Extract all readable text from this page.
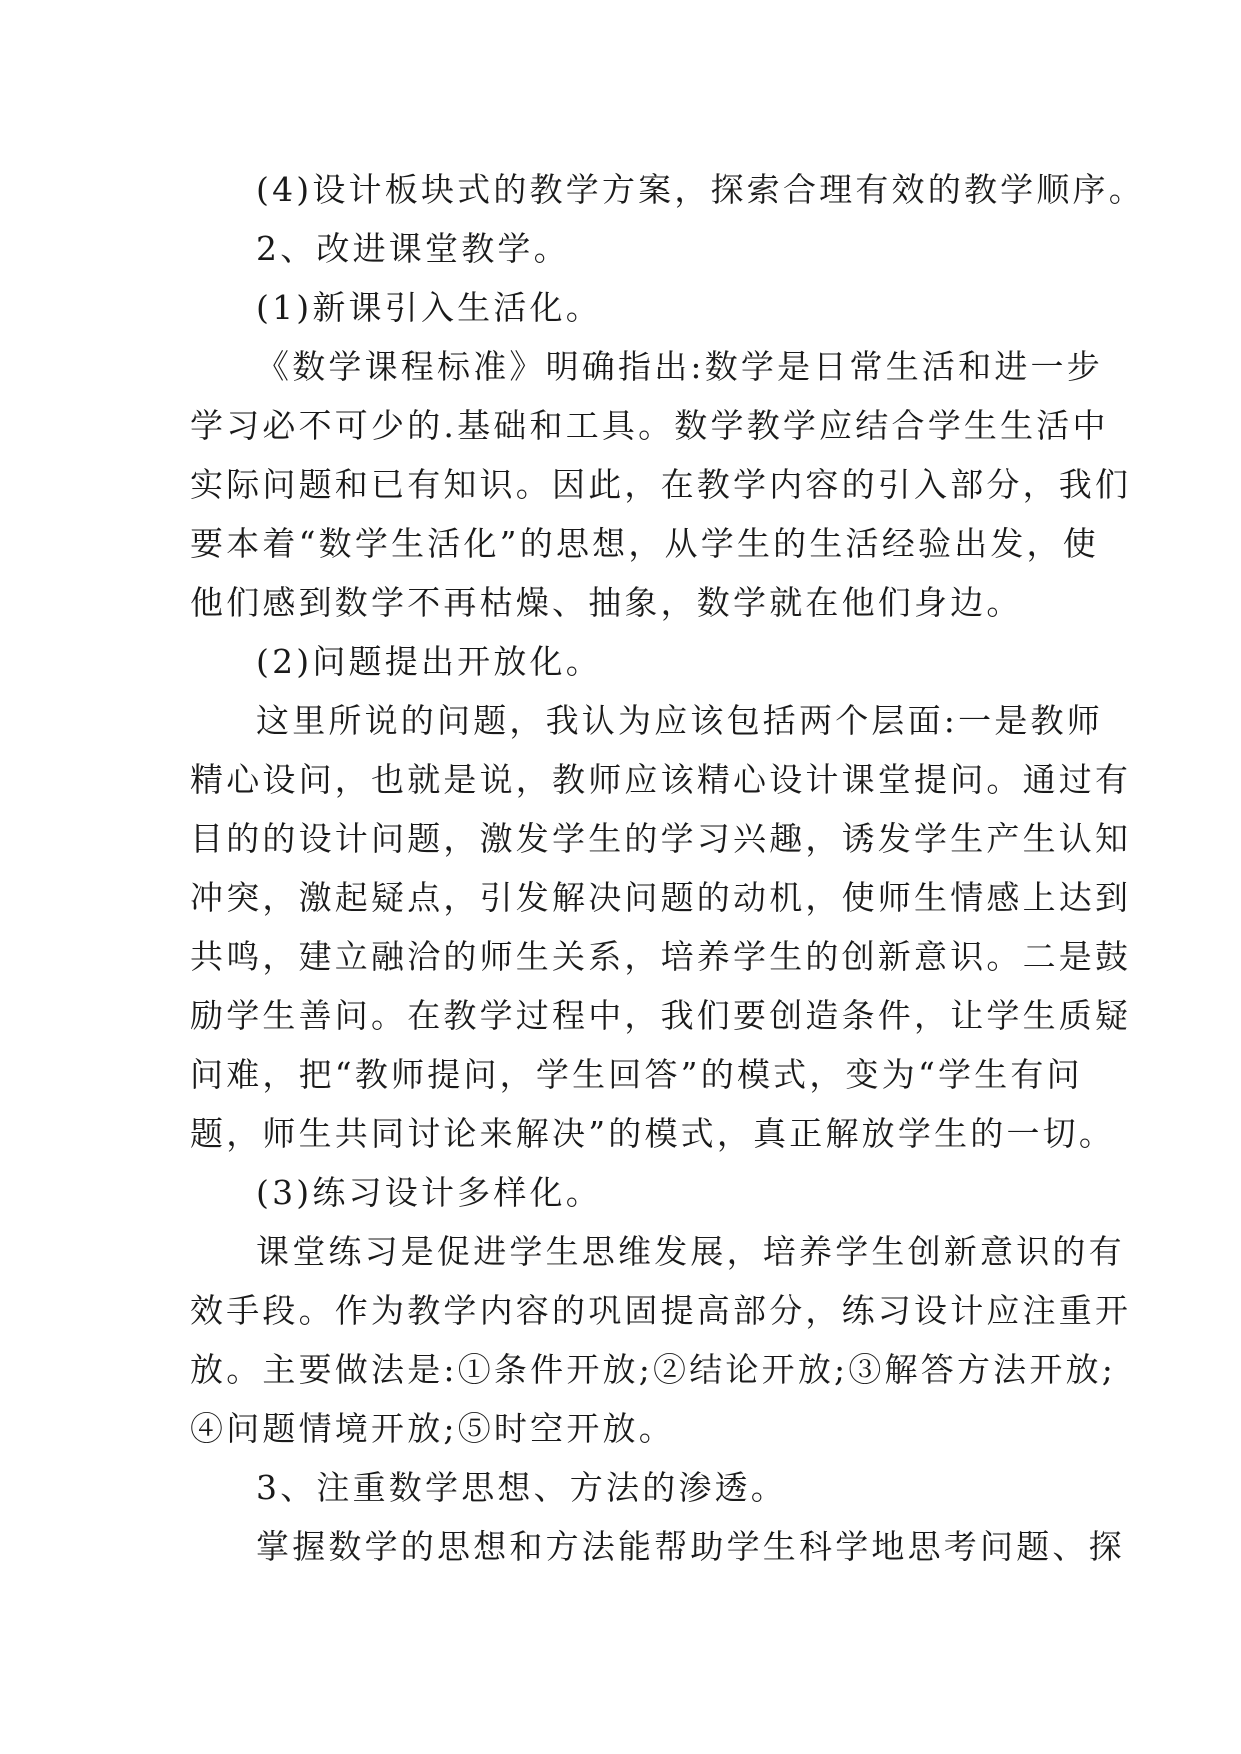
(4)设计板块式的教学方案，探索合理有效的教学顺序。
2、改进课堂教学。
(1)新课引入生活化。
《数学课程标准》明确指出:数学是日常生活和进一步
学习必不可少的.基础和工具。数学教学应结合学生生活中
实际问题和已有知识。因此，在教学内容的引入部分，我们
要本着“数学生活化”的思想，从学生的生活经验出发，使
他们感到数学不再枯燥、抽象，数学就在他们身边。
(2)问题提出开放化。
这里所说的问题，我认为应该包括两个层面:一是教师
精心设问，也就是说，教师应该精心设计课堂提问。通过有
目的的设计问题，激发学生的学习兴趣，诱发学生产生认知
冲突，激起疑点，引发解决问题的动机，使师生情感上达到
共鸣，建立融洽的师生关系，培养学生的创新意识。二是鼓
励学生善问。在教学过程中，我们要创造条件，让学生质疑
问难，把“教师提问，学生回答”的模式，变为“学生有问
题，师生共同讨论来解决”的模式，真正解放学生的一切。
(3)练习设计多样化。
课堂练习是促进学生思维发展，培养学生创新意识的有
效手段。作为教学内容的巩固提高部分，练习设计应注重开
放。主要做法是:①条件开放;②结论开放;③解答方法开放;
④问题情境开放;⑤时空开放。
3、注重数学思想、方法的渗透。
掌握数学的思想和方法能帮助学生科学地思考问题、探
